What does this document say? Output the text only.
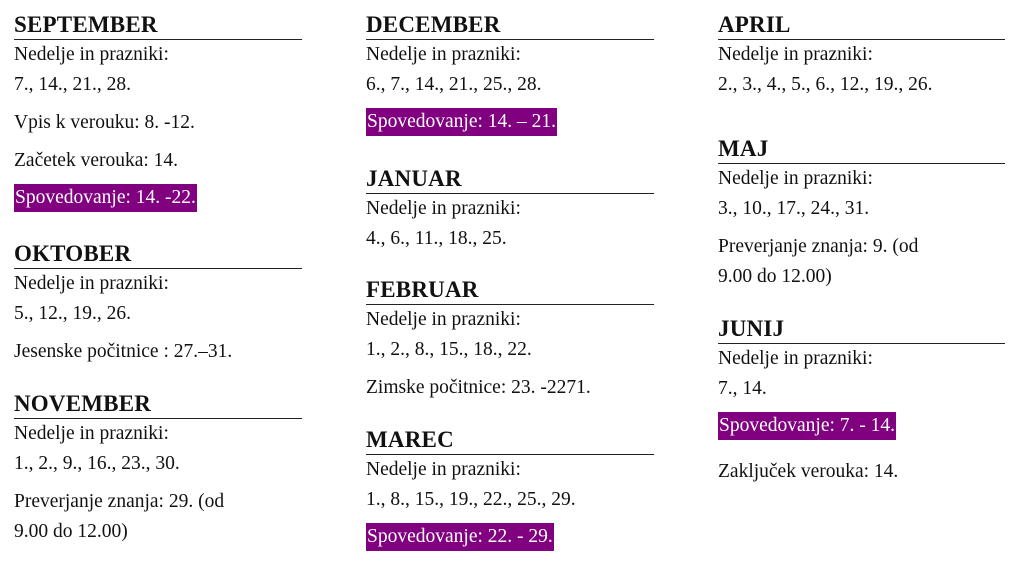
SEPTEMBER
Nedelje in prazniki:
7., 14., 21., 28.
Vpis k verouku: 8. -12.
Začetek verouka: 14.
Spovedovanje: 14. -22.
OKTOBER
Nedelje in prazniki:
5., 12., 19., 26.
Jesenske počitnice : 27.–31.
NOVEMBER
Nedelje in prazniki:
1., 2., 9., 16., 23., 30.
Preverjanje znanja: 29. (od
9.00 do 12.00)
DECEMBER
Nedelje in prazniki:
6., 7., 14., 21., 25., 28.
Spovedovanje: 14. – 21.
JANUAR
Nedelje in prazniki:
4., 6., 11., 18., 25.
FEBRUAR
Nedelje in prazniki:
1., 2., 8., 15., 18., 22.
Zimske počitnice: 23. -2271.
MAREC
Nedelje in prazniki:
1., 8., 15., 19., 22., 25., 29.
Spovedovanje: 22. - 29.
APRIL
Nedelje in prazniki:
2., 3., 4., 5., 6., 12., 19., 26.
MAJ
Nedelje in prazniki:
3., 10., 17., 24., 31.
Preverjanje znanja: 9. (od
9.00 do 12.00)
JUNIJ
Nedelje in prazniki:
7., 14.
Spovedovanje: 7. - 14.
Zaključek verouka: 14.
